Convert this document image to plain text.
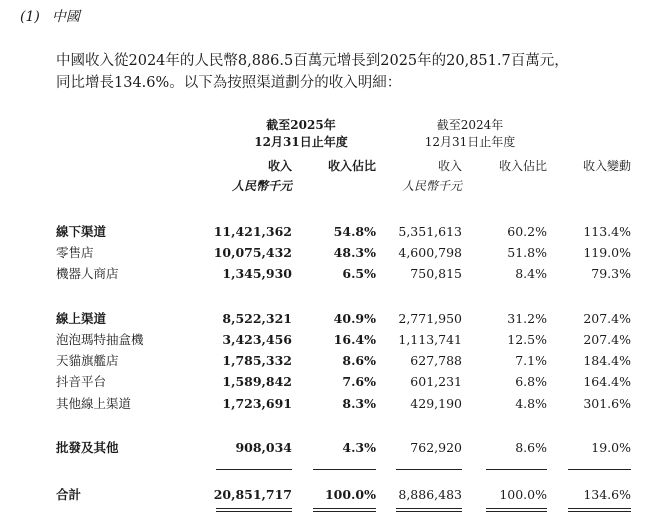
(1) 中國
中國收入從2024年的人民幣8,886.5百萬元增長到2025年的20,851.7百萬元，
同比增長134.6%。以下為按照渠道劃分的收入明細：
截至2025年
12月31日止年度
截至2024年
12月31日止年度
收入	收入佔比	收入	收入佔比	收入變動
人民幣千元	人民幣千元
線下渠道	11,421,362	54.8% 5,351,613	60.2%	113.4%
零售店	10,075,432	48.3% 4,600,798	51.8%	119.0%
機器人商店	1,345,930	6.5%	750,815	8.4%	79.3%
線上渠道	8,522,321	40.9% 2,771,950	31.2%	207.4%
泡泡瑪特抽盒機	3,423,456	16.4% 1,113,741	12.5%	207.4%
天貓旗艦店	1,785,332	8.6%	627,788	7.1%	184.4%
抖音平台	1,589,842	7.6%	601,231	6.8%	164.4%
其他線上渠道	1,723,691	8.3%	429,190	4.8%	301.6%
批發及其他	908,034	4.3%	762,920	8.6%	19.0%
合計	20,851,717	100.0% 8,886,483	100.0%	134.6%
